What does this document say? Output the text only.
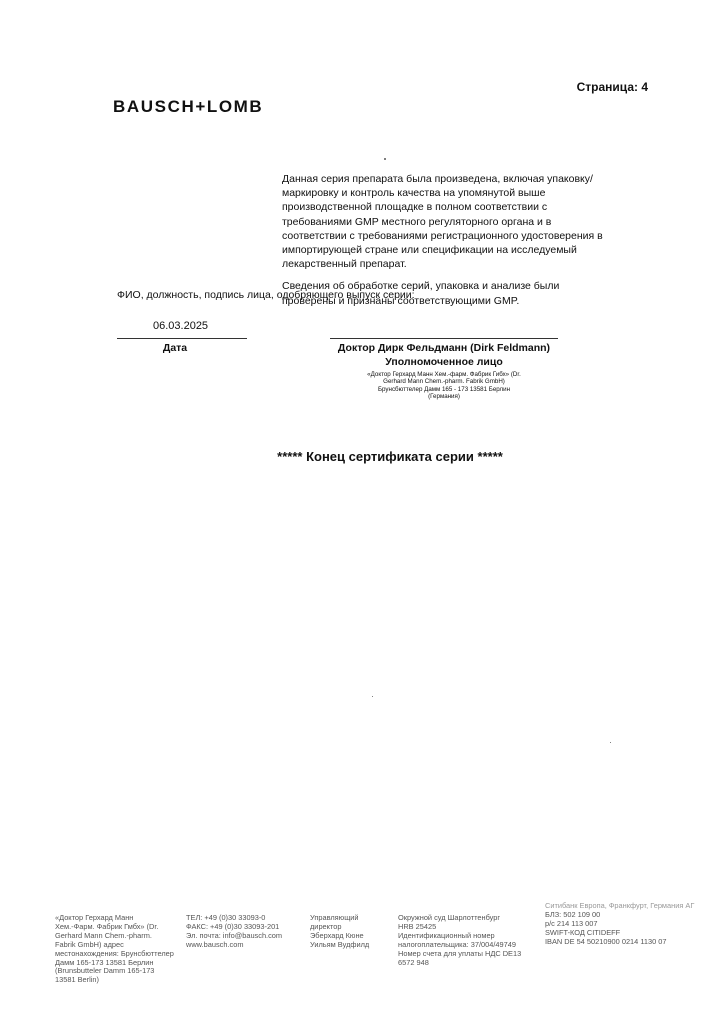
Страница: 4
BAUSCH+LOMB

Данная серия препарата была произведена, включая упаковку/маркировку и контроль качества на упомянутой выше производственной площадке в полном соответствии с требованиями GMP местного регуляторного органа и в соответствии с требованиями регистрационного удостоверения в импортирующей стране или спецификации на исследуемый лекарственный препарат.

Сведения об обработке серий, упаковка и анализе были проверены и признаны соответствующими GMP.

ФИО, должность, подпись лица, одобряющего выпуск серии:
06.03.2025
Дата	Доктор Дирк Фельдманн (Dirk Feldmann)
Уполномоченное лицо
«Доктор Герхард Манн Хем.-фарм. Фабрик Гибх» (Dr. Gerhard Mann Chem.-pharm. Fabrik GmbH) Брунсбюттелер Дамм 165 - 173 13581 Берлин (Германия)
***** Конец сертификата серии *****
«Доктор Герхард Манн
Хем.-Фарм. Фабрик Гмбх» (Dr.
Gerhard Mann Chem.-pharm.
Fabrik GmbH) адрес
местонахождения: Брунсбюттелер
Дамм 165-173 13581 Берлин
(Brunsbutteler Damm 165-173
13581 Berlin)
ТЕЛ: +49 (0)30 33093-0
ФАКС: +49 (0)30 33093-201
Эл. почта: info@bausch.com
www.bausch.com
Управляющий
директор
Эберхард Кюне
Уильям Вудфилд
Окружной суд Шарлоттенбург
HRB 25425
Идентификационный номер
налогоплательщика: 37/004/49749
Номер счета для уплаты НДС DE13
6572 948
Ситибанк Европа, Франкфурт, Германия АГ
БЛЗ: 502 109 00
р/с 214 113 007
SWIFT-КОД CITIDEFF
IBAN DE 54 50210900 0214 1130 07
